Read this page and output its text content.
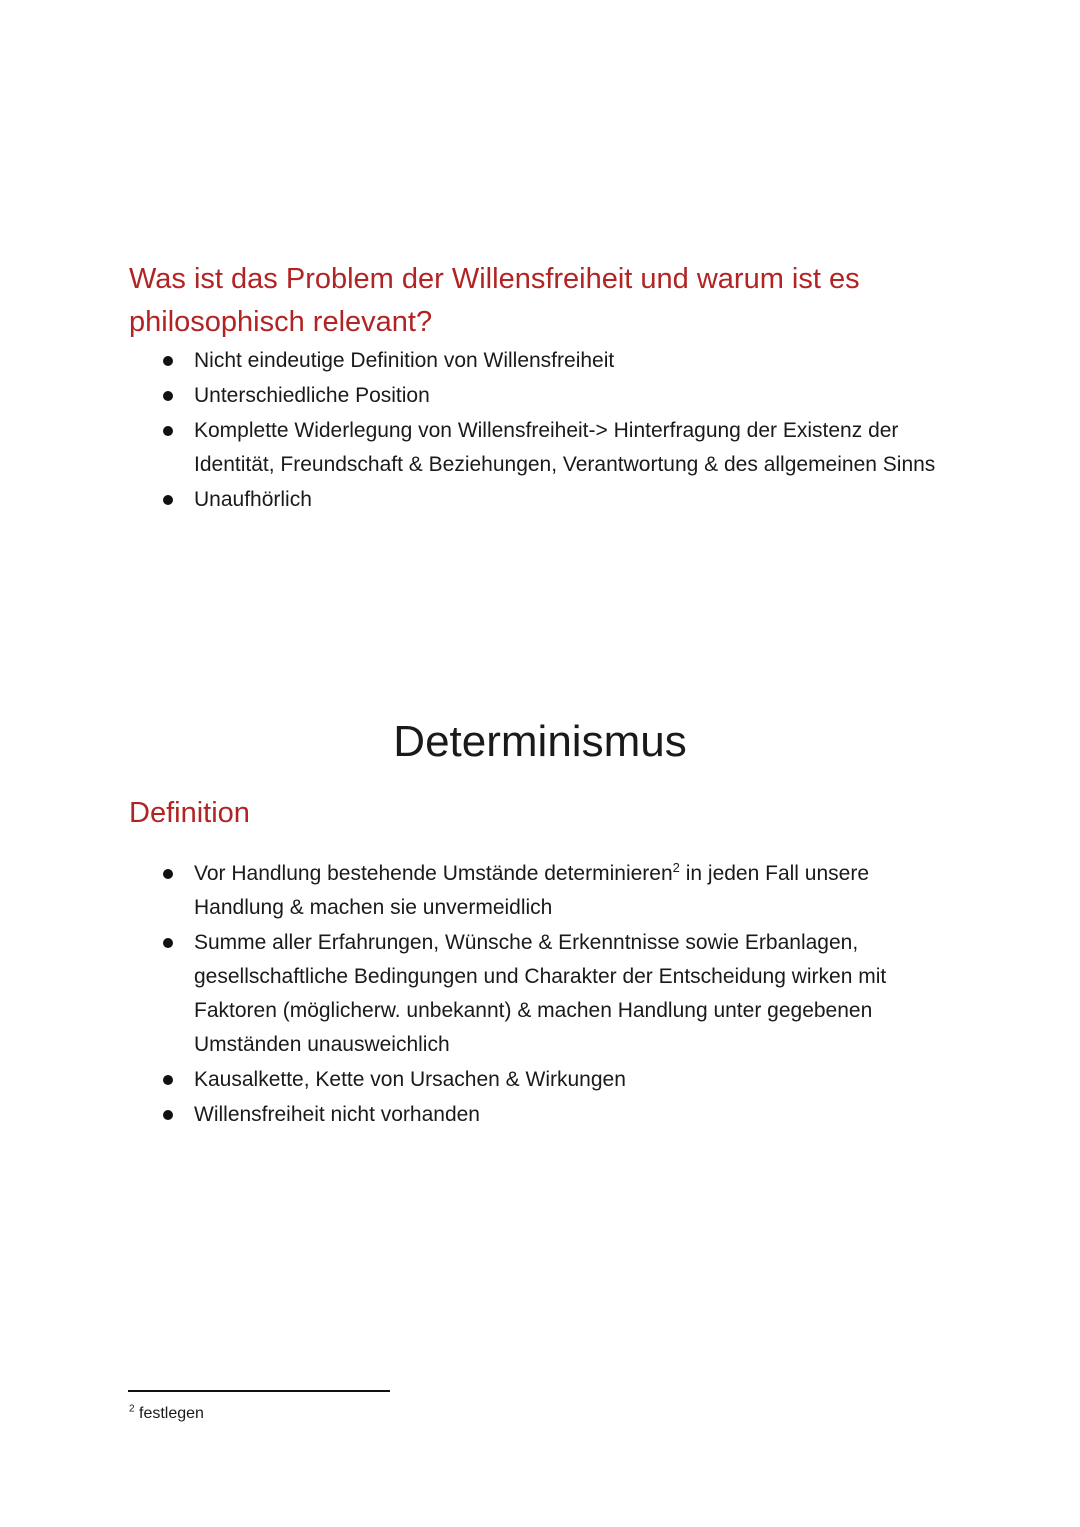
Was ist das Problem der Willensfreiheit und warum ist es philosophisch relevant?
Nicht eindeutige Definition von Willensfreiheit
Unterschiedliche Position
Komplette Widerlegung von Willensfreiheit-> Hinterfragung der Existenz der Identität, Freundschaft & Beziehungen, Verantwortung & des allgemeinen Sinns
Unaufhörlich
Determinismus
Definition
Vor Handlung bestehende Umstände determinieren$^2$ in jeden Fall unsere Handlung & machen sie unvermeidlich
Summe aller Erfahrungen, Wünsche & Erkenntnisse sowie Erbanlagen, gesellschaftliche Bedingungen und Charakter der Entscheidung wirken mit Faktoren (möglicherw. unbekannt) & machen Handlung unter gegebenen Umständen unausweichlich
Kausalkette, Kette von Ursachen & Wirkungen
Willensfreiheit nicht vorhanden
$^2$ festlegen
